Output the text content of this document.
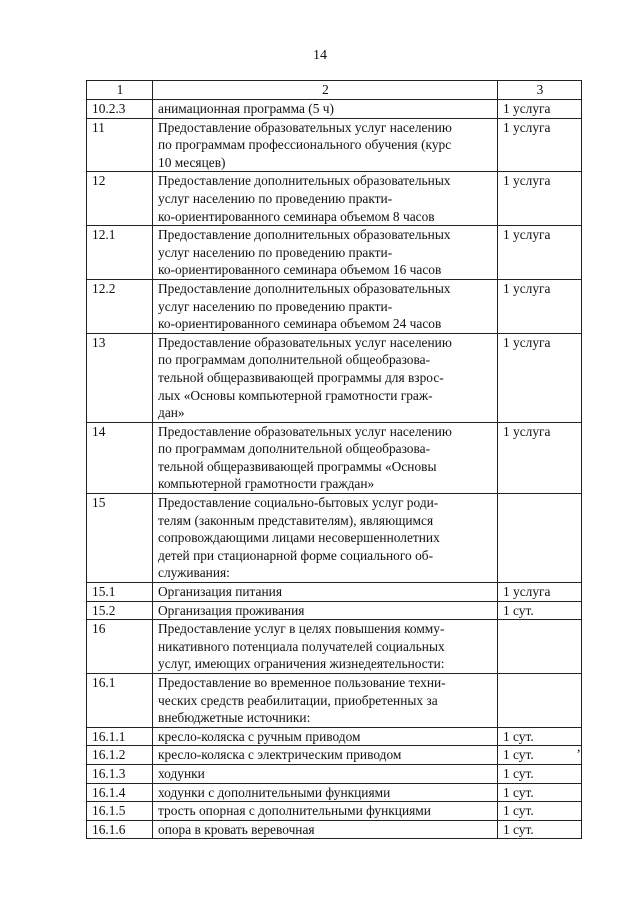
14
1	2	3
10.2.3	анимационная программа (5 ч)	1 услуга
11	Предоставление образовательных услуг населению
по программам профессионального обучения (курс
10 месяцев)	1 услуга
12	Предоставление дополнительных образовательных
услуг населению по проведению практи-
ко-ориентированного семинара объемом 8 часов	1 услуга
12.1	Предоставление дополнительных образовательных
услуг населению по проведению практи-
ко-ориентированного семинара объемом 16 часов	1 услуга
12.2	Предоставление дополнительных образовательных
услуг населению по проведению практи-
ко-ориентированного семинара объемом 24 часов	1 услуга
13	Предоставление образовательных услуг населению
по программам дополнительной общеобразова-
тельной общеразвивающей программы для взрос-
лых «Основы компьютерной грамотности граж-
дан»	1 услуга
14	Предоставление образовательных услуг населению
по программам дополнительной общеобразова-
тельной общеразвивающей программы «Основы
компьютерной грамотности граждан»	1 услуга
15	Предоставление социально-бытовых услуг роди-
телям (законным представителям), являющимся
сопровождающими лицами несовершеннолетних
детей при стационарной форме социального об-
служивания:	
15.1	Организация питания	1 услуга
15.2	Организация проживания	1 сут.
16	Предоставление услуг в целях повышения комму-
никативного потенциала получателей социальных
услуг, имеющих ограничения жизнедеятельности:	
16.1	Предоставление во временное пользование техни-
ческих средств реабилитации, приобретенных за
внебюджетные источники:	
16.1.1	кресло-коляска с ручным приводом	1 сут.
16.1.2	кресло-коляска с электрическим приводом	1 сут.
16.1.3	ходунки	1 сут.
16.1.4	ходунки с дополнительными функциями	1 сут.
16.1.5	трость опорная с дополнительными функциями	1 сут.
16.1.6	опора в кровать веревочная	1 сут.
,
